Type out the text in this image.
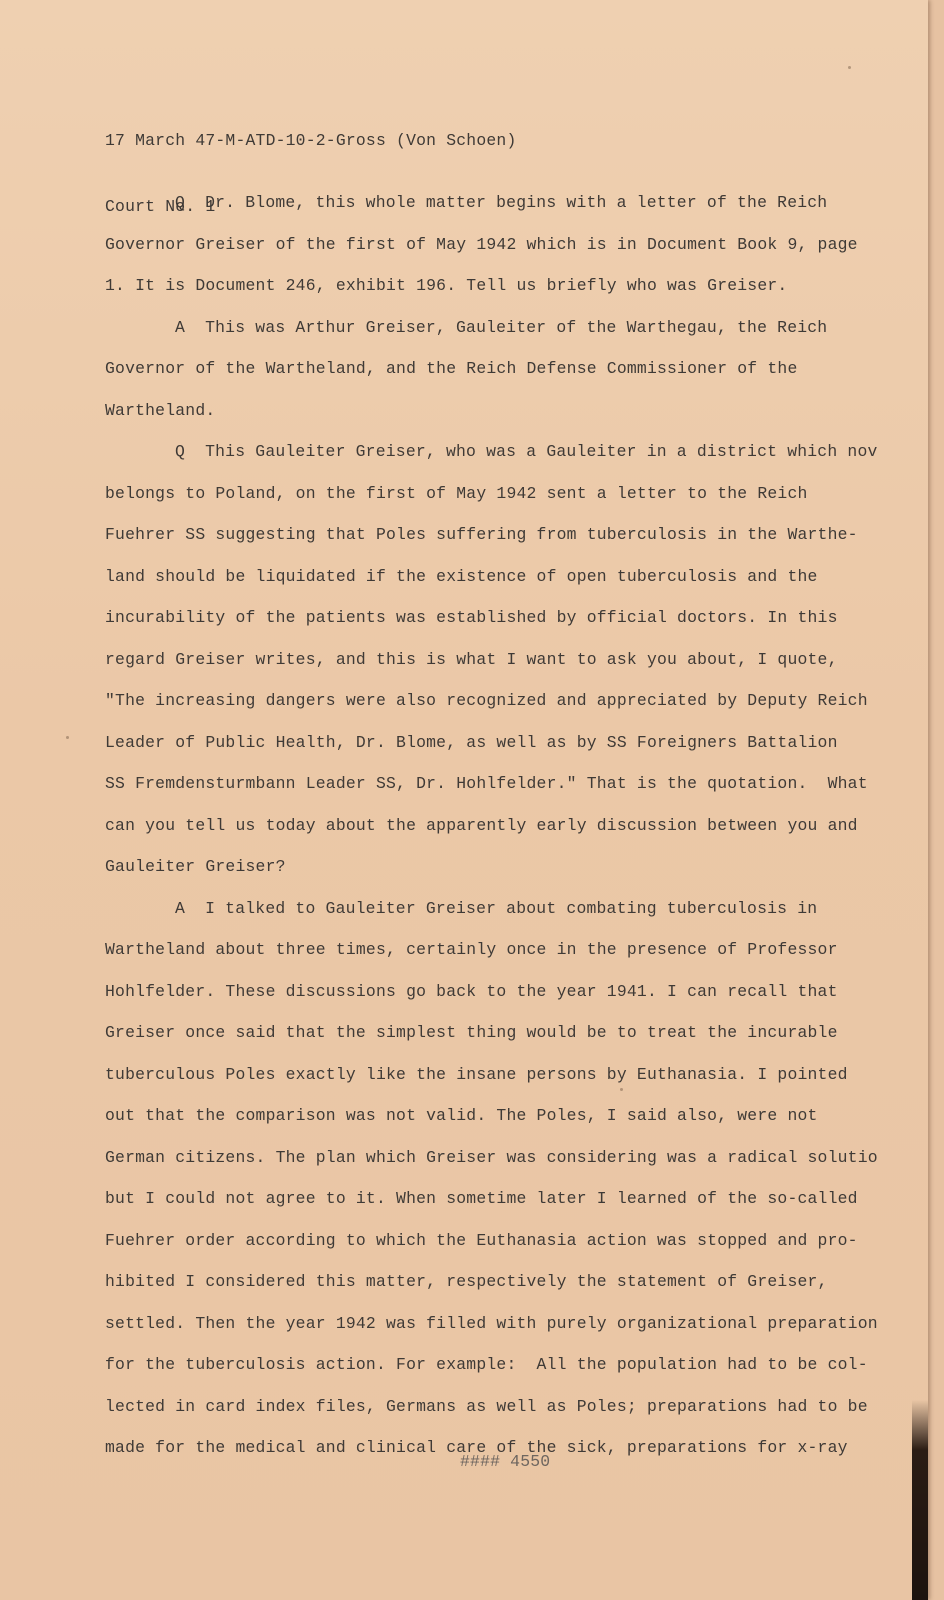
17 March 47-M-ATD-10-2-Gross (Von Schoen)

Court No. 1

Q  Dr. Blome, this whole matter begins with a letter of the Reich
Governor Greiser of the first of May 1942 which is in Document Book 9, page
1. It is Document 246, exhibit 196. Tell us briefly who was Greiser.
A  This was Arthur Greiser, Gauleiter of the Warthegau, the Reich
Governor of the Wartheland, and the Reich Defense Commissioner of the
Wartheland.
Q  This Gauleiter Grеiser, who was a Gauleiter in a district which nov
belongs to Poland, on the first of May 1942 sent a letter to the Reich
Fuehrer SS suggesting that Poles suffering from tuberculosis in the Warthe-
land should be liquidated if the existence of open tuberculosis and the
incurability of the patients was established by official doctors. In this
regard Grеiser writes, and this is what I want to ask you about, I quote,
"The increasing dangers were also recognized and appreciated by Deputy Reich
Leader of Public Health, Dr. Blome, as well as by SS Foreigners Battalion
SS Fremdensturmbann Leader SS, Dr. Hohlfelder." That is the quotation.  What
can you tell us today about the apparently early discussion between you and
Gauleiter Greiser?
A  I talked to Gauleiter Greiser about combating tuberculosis in
Wartheland about three times, certainly once in the presence of Professor
Hohlfelder. These discussions go back to the year 1941. I can recall that
Greiser once said that the simplest thing would be to treat the incurable
tuberculous Poles exactly like the insane persons by Euthanasia. I pointed
out that the comparison was not valid. The Poles, I said also, were not
German citizens. The plan which Greiser was considering was a radical solutio
but I could not agree to it. When sometime later I learned of the so-called
Fuehrer order according to which the Euthanasia action was stopped and pro-
hibited I considered this matter, respectively the statement of Greiser,
settled. Then the year 1942 was filled with purely organizational preparation
for the tuberculosis action. For example:  All the population had to be col-
lected in card index files, Germans as well as Poles; preparations had to be
made for the medical and clinical care of the sick, preparations for x-ray
#### 4550
